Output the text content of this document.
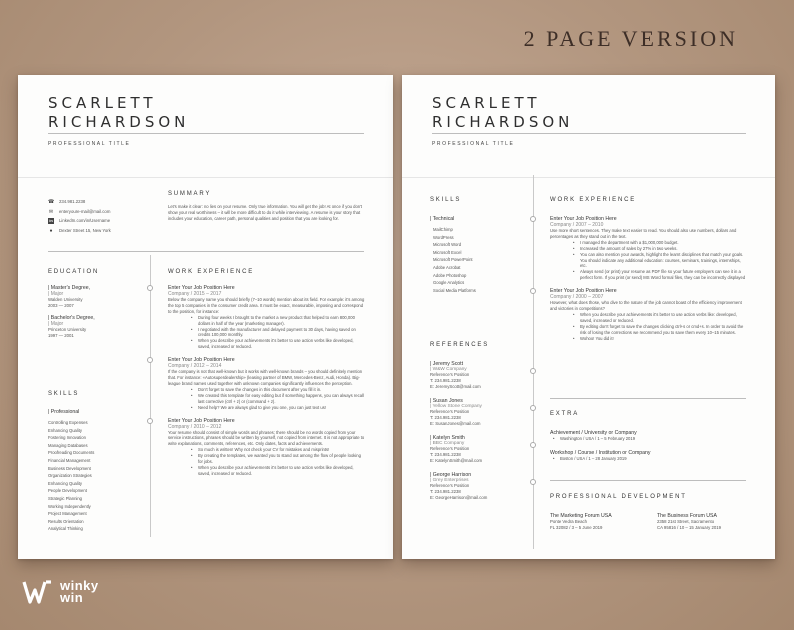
2 PAGE VERSION
SCARLETT
RICHARDSON
PROFESSIONAL TITLE
☎ 234.981.2238
✉ enteryoure-mail@mail.com
in LinkedIn.com/in/Username
●	Dexter Street 15, New York
SUMMARY
Let's make it clear: no lies on your resume. Only true information. You will get the job! At once if you don't show your real worthiness – it will be more difficult to do it while interviewing. A resume is your story that includes your education, career path, personal qualities and position that you are looking for.
EDUCATION
| Master's Degree,
| Major
Walden University
2003 — 2007
| Bachelor's Degree,
| Major
Princeton University
1997 — 2001
SKILLS
| Professional
Controlling Expenses
Enhancing Quality
Fostering Innovation
Managing Databases
Proofreading Documents
Financial Management
Business Development
Organization Strategies
Enhancing Quality
People Development
Strategic Planning
Working Independently
Project Management
Results Orientation
Analytical Thinking
WORK EXPERIENCE
Enter Your Job Position Here
Company / 2015 – 2017
Below the company name you should briefly (7–10 words) mention about its field. For example: it's among the top 5 companies in the consumer credit area. It must be exact, measurable, imposing and correspond to the position, for instance:
• During four weeks I brought to the market a new product that helped to earn 800,000 dollars in half of the year (marketing manager).
• I negotiated with the manufacturer and delayed payment to 30 days, having saved on credits 100,000 monthly.
• When you describe your achievements it's better to use action verbs like developed, saved, increased or reduced.
Enter Your Job Position Here
Company / 2012 – 2014
If the company is not that well-known but it works with well-known brands – you should definitely mention that. For instance: «Autosuperdealership» (leasing partner of BMW, Mercedes-Benz, Audi, Honda). Big-league brand names used together with unknown companies significantly influences the perception.
• Don't forget to save the changes in this document after you fill it in.
• We created this template for easy editing but if something happens, you can always recall last corrective (ctrl + z) or (command + z).
• Need help? We are always glad to give you one, you can just text us!
Enter Your Job Position Here
Company / 2010 – 2012
Your resume should consist of simple words and phrases; there should be no words copied from your service instructions, phrases should be written by yourself, not copied from internet. It is not appropriate to write explanations, comments, references, etc. Only dates, facts and achievements.
• So much is written! Why not check your CV for mistakes and misprints!
• By creating the templates, we wanted you to stand out among the flow of people looking for jobs.
• When you describe your achievements it's better to use action verbs like developed, saved, increased or reduced.
SCARLETT
RICHARDSON
PROFESSIONAL TITLE
SKILLS
| Technical
MailChimp
WordPress
Microsoft Word
Microsoft Excel
Microsoft PowerPoint
Adobe Acrobat
Adobe Photoshop
Google Analytics
Social Media Platforms
REFERENCES
| Jeremy Scott
| W&W Company
Reference's Position
T: 234.981.2238
E: JeremyScott@mail.com
| Susan Jones
| Yellow Stone Company
Reference's Position
T: 234.981.2238
E: SusanJones@mail.com
| Katelyn Smith
| BBC Company
Reference's Position
T: 234.981.2238
E: KatelynSmith@mail.com
| George Harrison
| Grey Enterprises
Reference's Position
T: 234.981.2238
E: GeorgeHarrison@mail.com
WORK EXPERIENCE
Enter Your Job Position Here
Company / 2007 – 2010
Use more short sentences. They make text easier to read. You should also use numbers, dollars and percentages as they stand out in the text.
• I managed the department with a $1,000,000 budget.
• Increased the amount of sales by 27% in two weeks.
• You can also mention your awards, highlight the learnt disciplines that match your goals. You should indicate any additional education: courses, seminars, trainings, internships, etc.
• Always send (or print) your resume as PDF file so your future employers can see it in a perfect form. If you print (or send) MS Word formal files, they can be incorrectly displayed
Enter Your Job Position Here
Company / 2000 – 2007
However, what does those, who dive to the nature of the job cannot boast of the efficiency improvement and victories in competitions?
• When you describe your achievements it's better to use action verbs like: developed, saved, increased or reduced.
• By editing don't forget to save the changes clicking ctrl+s or cmd+s. In order to avoid the risk of losing the corrections we recommend you to save them every 10–15 minutes.
• Wohoo! You did it!
EXTRA
Achievement / University or Company
• Washington / USA / 1 – 5 February 2019
Workshop / Course / Institution or Company
• Boston / USA / 1 – 28 January 2019
PROFESSIONAL DEVELOPMENT
The Marketing Forum USA
Ponte Vedra Beach
FL 32082 / 3 – 5 June 2019
The Business Forum USA
2358 21st Street, Sacramento
CA 95816 / 10 – 15 January 2019
winky
win
